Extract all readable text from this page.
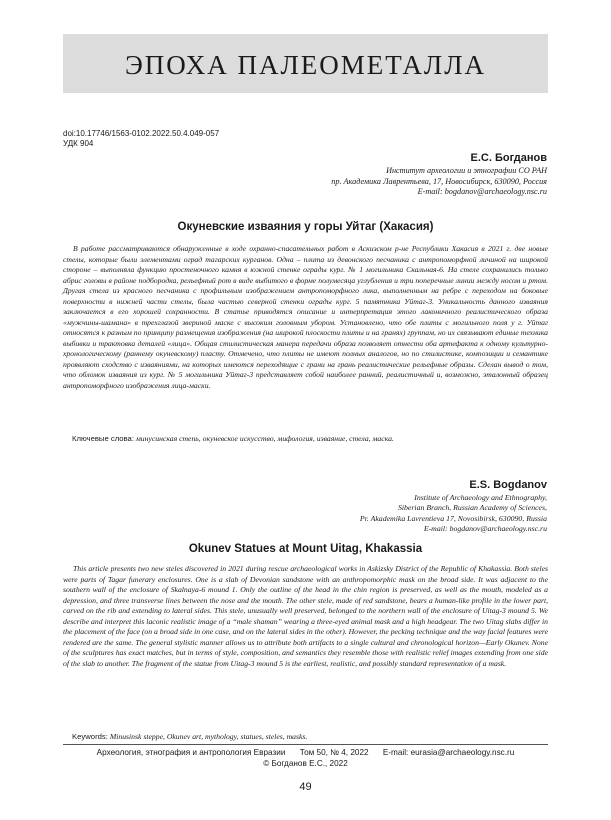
ЭПОХА ПАЛЕОМЕТАЛЛА
doi:10.17746/1563-0102.2022.50.4.049-057
УДК 904
Е.С. Богданов
Институт археологии и этнографии СО РАН
пр. Академика Лаврентьева, 17, Новосибирск, 630090, Россия
E-mail: bogdanov@archaeology.nsc.ru
Окуневские изваяния у горы Уйтаг (Хакасия)

В работе рассматриваются обнаруженные в ходе охранно-спасательных работ в Аскизском р-не Республики Хакасия в 2021 г. две новые стелы, которые были элементами оград тагарских курганов. Одна – плита из девонского песчаника с антропоморфной личиной на широкой стороне – выполняла функцию простеночного камня в южной стенке ограды кург. № 1 могильника Скальная-6. На стеле сохранились только абрис головы в районе подбородка, рельефный рот в виде выбитого в форме полумесяца углубления и три поперечные линии между носом и ртом. Другая стела из красного песчаника с профильным изображением антропоморфного лика, выполненным на ребре с переходом на боковые поверхности в нижней части стелы, была частью северной стенки ограды кург. 5 памятника Уйтаг-3. Уникальность данного изваяния заключается в его хорошей сохранности. В статье приводятся описание и интерпретация этого лаконичного реалистического образа «мужчины-шамана» в трехглазой звериной маске с высоким головным убором. Установлено, что обе плиты с могильного поля у г. Уйтаг относятся к разным по принципу размещения изображения (на широкой плоскости плиты и на гранях) группам, но их связывают единые техника выбивки и трактовка деталей «лица». Общая стилистическая манера передачи образа позволяет отнести оба артефакта к одному культурно-хронологическому (раннему окуневскому) пласту. Отмечено, что плиты не имеют полных аналогов, но по стилистике, композиции и семантике проявляют сходство с изваяниями, на которых имеются переходящие с грани на грань реалистические рельефные образы. Сделан вывод о том, что обломок изваяния из кург. № 5 могильника Уйтаг-3 представляет собой наиболее ранний, реалистичный и, возможно, эталонный образец антропоморфного изображения лица-маски.

Ключевые слова: минусинская степь, окуневское искусство, мифология, изваяние, стела, маска.
E.S. Bogdanov
Institute of Archaeology and Ethnography,
Siberian Branch, Russian Academy of Sciences,
Pr. Akademika Lavrentieva 17, Novosibirsk, 630090, Russia
E-mail: bogdanov@archaeology.nsc.ru
Okunev Statues at Mount Uitag, Khakassia

This article presents two new steles discovered in 2021 during rescue archaeological works in Askizsky District of the Republic of Khakassia. Both steles were parts of Tagar funerary enclosures. One is a slab of Devonian sandstone with an anthropomorphic mask on the broad side. It was adjacent to the southern wall of the enclosure of Skalnaya-6 mound 1. Only the outline of the head in the chin region is preserved, as well as the mouth, modeled as a depression, and three transverse lines between the nose and the mouth. The other stele, made of red sandstone, bears a human-like profile in the lower part, carved on the rib and extending to lateral sides. This stele, unusually well preserved, belonged to the northern wall of the enclosure of Uitag-3 mound 5. We describe and interpret this laconic realistic image of a “male shaman” wearing a three-eyed animal mask and a high headgear. The two Uitag slabs differ in the placement of the face (on a broad side in one case, and on the lateral sides in the other). However, the pecking technique and the way facial features were rendered are the same. The general stylistic manner allows us to attribute both artifacts to a single cultural and chronological horizon—Early Okunev. None of the sculptures has exact matches, but in terms of style, composition, and semantics they resemble those with realistic relief images extending from one side of the slab to another. The fragment of the statue from Uitag-3 mound 5 is the earliest, realistic, and possibly standard representation of a mask.

Keywords: Minusinsk steppe, Okunev art, mythology, statues, steles, masks.
Археология, этнография и антропология Евразии Том 50, № 4, 2022 E-mail: eurasia@archaeology.nsc.ru
© Богданов Е.С., 2022
49
